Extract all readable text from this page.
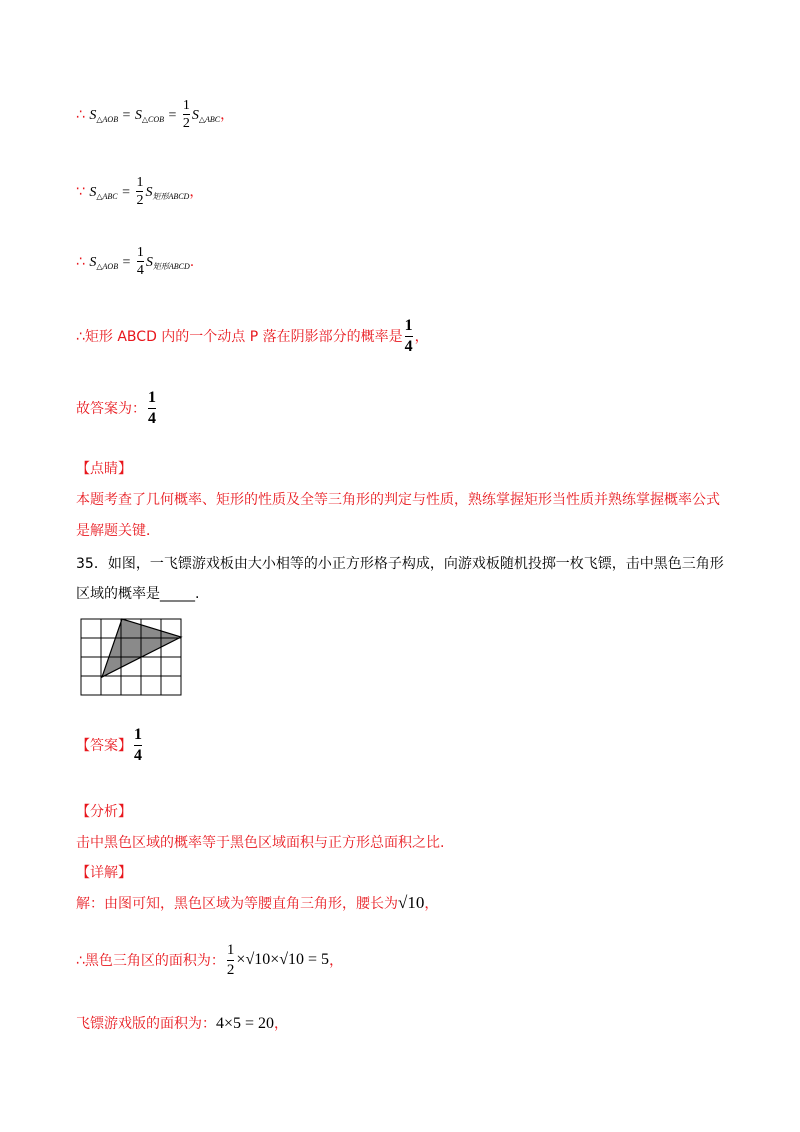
∴ $S_{\triangle AOB} = S_{\triangle COB} = \frac{1}{2} S_{\triangle ABC}$，
∵ $S_{\triangle ABC} = \frac{1}{2} S_{矩形ABCD}$，
∴ $S_{\triangle AOB} = \frac{1}{4} S_{矩形ABCD}$.
∴矩形 ABCD 内的一个动点 P 落在阴影部分的概率是 $\frac{1}{4}$ ，
故答案为： $\frac{1}{4}$
【点睛】
本题考查了几何概率、矩形的性质及全等三角形的判定与性质，熟练掌握矩形当性质并熟练掌握概率公式
是解题关键．
35．如图，一飞镖游戏板由大小相等的小正方形格子构成，向游戏板随机投掷一枚飞镖，击中黑色三角形
区域的概率是_____.
【答案】 $\frac{1}{4}$
【分析】
击中黑色区域的概率等于黑色区域面积与正方形总面积之比.
【详解】
解：由图可知，黑色区域为等腰直角三角形，腰长为√10，
∴黑色三角区的面积为： $\frac{1}{2} \times√10\times√10 = 5$，
飞镖游戏版的面积为：4×5 = 20，
